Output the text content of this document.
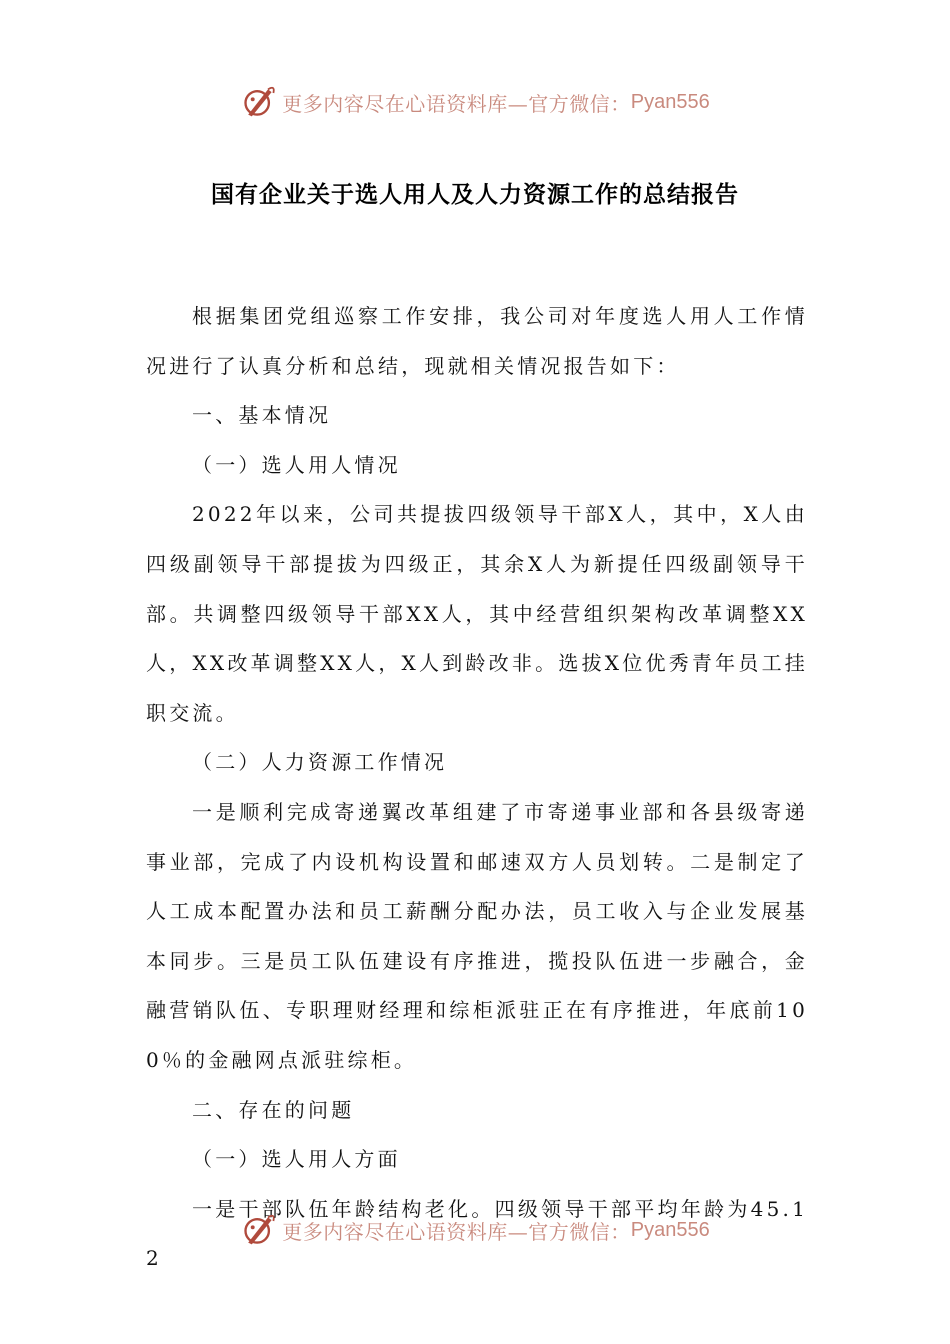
更多内容尽在心语资料库—官方微信： Pyan556
国有企业关于选人用人及人力资源工作的总结报告

根据集团党组巡察工作安排，我公司对年度选人用人工作情况进行了认真分析和总结，现就相关情况报告如下：

一、基本情况

（一）选人用人情况

2022年以来，公司共提拔四级领导干部X人，其中，X人由四级副领导干部提拔为四级正，其余X人为新提任四级副领导干部。共调整四级领导干部XX人，其中经营组织架构改革调整XX人，XX改革调整XX人，X人到龄改非。选拔X位优秀青年员工挂职交流。

（二）人力资源工作情况

一是顺利完成寄递翼改革组建了市寄递事业部和各县级寄递事业部，完成了内设机构设置和邮速双方人员划转。二是制定了人工成本配置办法和员工薪酬分配办法，员工收入与企业发展基本同步。三是员工队伍建设有序推进，揽投队伍进一步融合，金融营销队伍、专职理财经理和综柜派驻正在有序推进，年底前100％的金融网点派驻综柜。

二、存在的问题

（一）选人用人方面

一是干部队伍年龄结构老化。四级领导干部平均年龄为45.12

更多内容尽在心语资料库—官方微信： Pyan556
